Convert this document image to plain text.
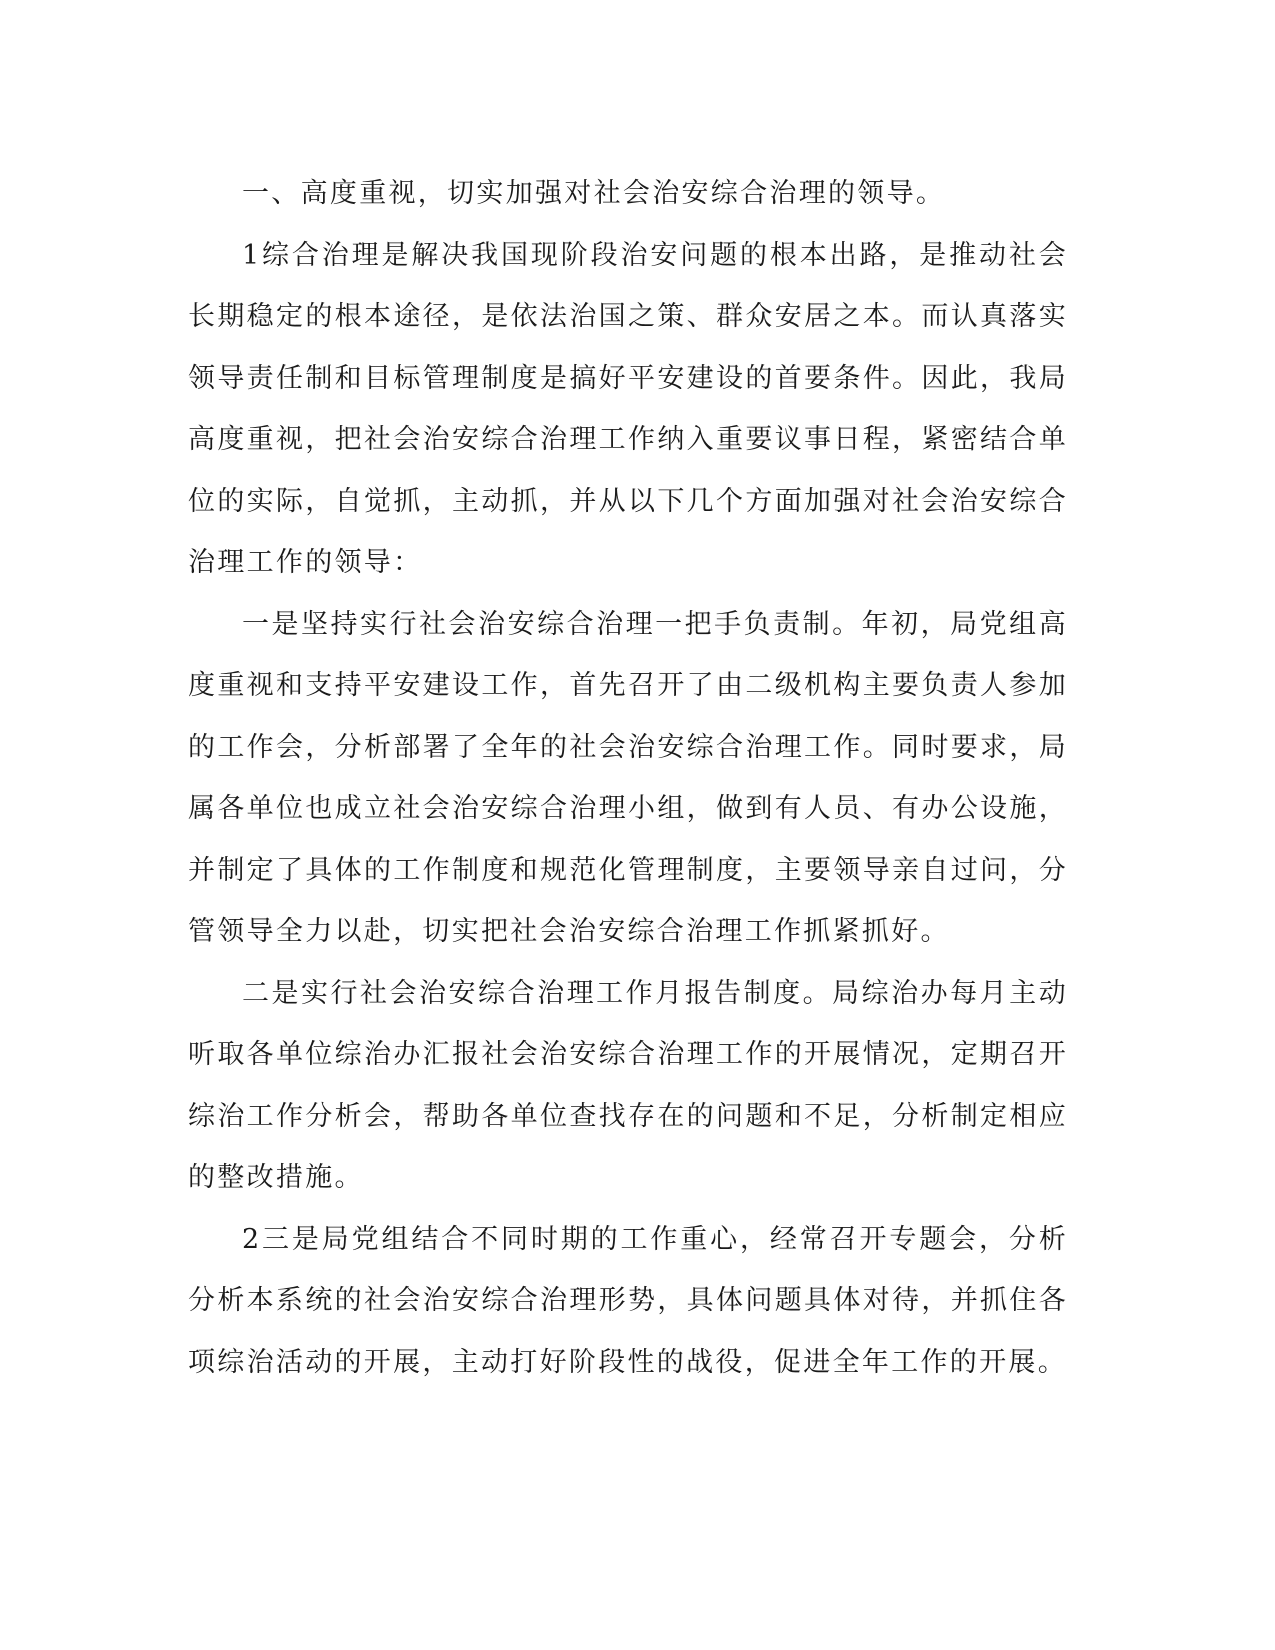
一、高度重视，切实加强对社会治安综合治理的领导。

1综合治理是解决我国现阶段治安问题的根本出路，是推动社会长期稳定的根本途径，是依法治国之策、群众安居之本。而认真落实领导责任制和目标管理制度是搞好平安建设的首要条件。因此，我局高度重视，把社会治安综合治理工作纳入重要议事日程，紧密结合单位的实际，自觉抓，主动抓，并从以下几个方面加强对社会治安综合治理工作的领导：

一是坚持实行社会治安综合治理一把手负责制。年初，局党组高度重视和支持平安建设工作，首先召开了由二级机构主要负责人参加的工作会，分析部署了全年的社会治安综合治理工作。同时要求，局属各单位也成立社会治安综合治理小组，做到有人员、有办公设施，并制定了具体的工作制度和规范化管理制度，主要领导亲自过问，分管领导全力以赴，切实把社会治安综合治理工作抓紧抓好。

二是实行社会治安综合治理工作月报告制度。局综治办每月主动听取各单位综治办汇报社会治安综合治理工作的开展情况，定期召开综治工作分析会，帮助各单位查找存在的问题和不足，分析制定相应的整改措施。

2三是局党组结合不同时期的工作重心，经常召开专题会，分析分析本系统的社会治安综合治理形势，具体问题具体对待，并抓住各项综治活动的开展，主动打好阶段性的战役，促进全年工作的开展。
